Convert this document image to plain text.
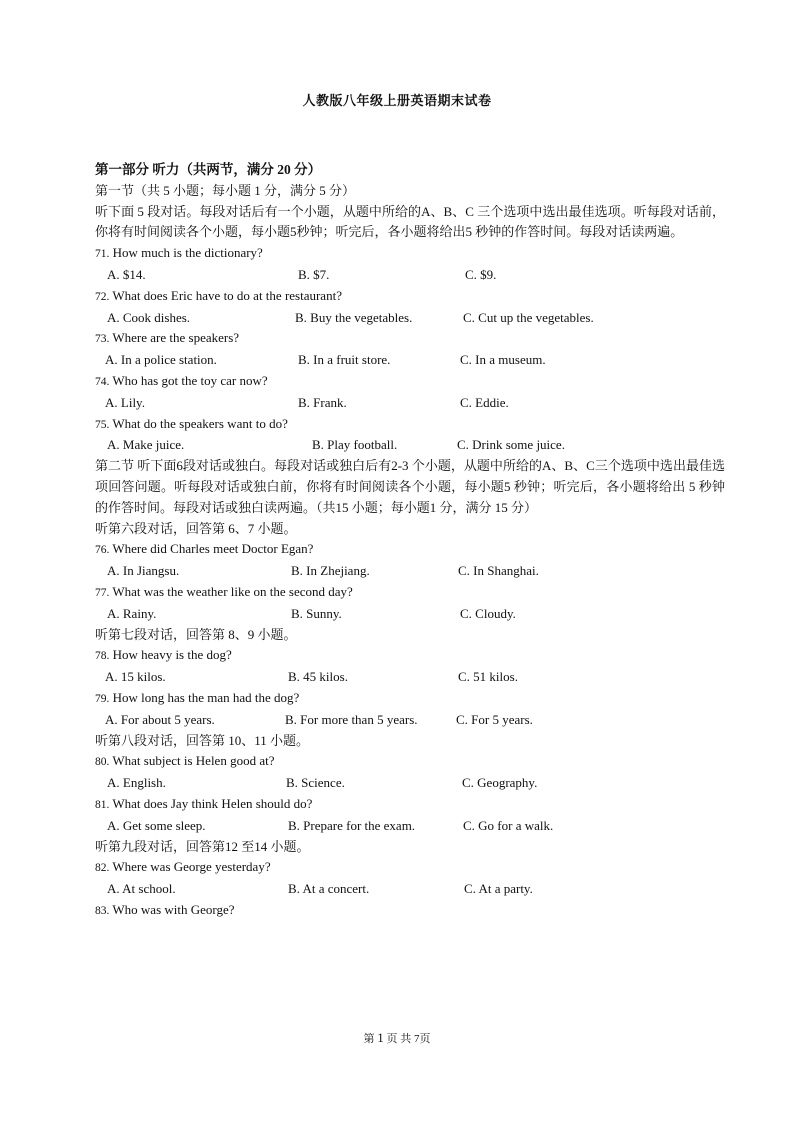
人教版八年级上册英语期末试卷
第一部分 听力（共两节，满分 20 分）
第一节（共 5 小题；每小题 1 分，满分 5 分）
听下面 5 段对话。每段对话后有一个小题，从题中所给的A、B、C 三个选项中选出最佳选项。听每段对话前，你将有时间阅读各个小题，每小题5秒钟；听完后，各小题将给出5 秒钟的作答时间。每段对话读两遍。
71. How much is the dictionary?
A. $14.	B. $7.	C. $9.
72. What does Eric have to do at the restaurant?
A. Cook dishes.	B. Buy the vegetables.	C. Cut up the vegetables.
73. Where are the speakers?
A. In a police station.	B. In a fruit store.	C. In a museum.
74. Who has got the toy car now?
A. Lily.	B. Frank.	C. Eddie.
75. What do the speakers want to do?
A. Make juice.	B. Play football.	C. Drink some juice.
第二节 听下面6段对话或独白。每段对话或独白后有2-3 个小题，从题中所给的A、B、C三个选项中选出最佳选项回答问题。听每段对话或独白前，你将有时间阅读各个小题，每小题5 秒钟；听完后，各小题将给出 5 秒钟的作答时间。每段对话或独白读两遍。（共15 小题；每小题1 分，满分 15 分）
听第六段对话，回答第 6、7 小题。
76. Where did Charles meet Doctor Egan?
A. In Jiangsu.	B. In Zhejiang.	C. In Shanghai.
77. What was the weather like on the second day?
A. Rainy.	B. Sunny.	C. Cloudy.
听第七段对话，回答第 8、9 小题。
78. How heavy is the dog?
A. 15 kilos.	B. 45 kilos.	C. 51 kilos.
79. How long has the man had the dog?
A. For about 5 years.	B. For more than 5 years.	C. For 5 years.
听第八段对话，回答第 10、11 小题。
80. What subject is Helen good at?
A. English.	B. Science.	C. Geography.
81. What does Jay think Helen should do?
A. Get some sleep.	B. Prepare for the exam.	C. Go for a walk.
听第九段对话，回答第12 至14 小题。
82. Where was George yesterday?
A. At school.	B. At a concert.	C. At a party.
83. Who was with George?
第 1 页 共 7页
